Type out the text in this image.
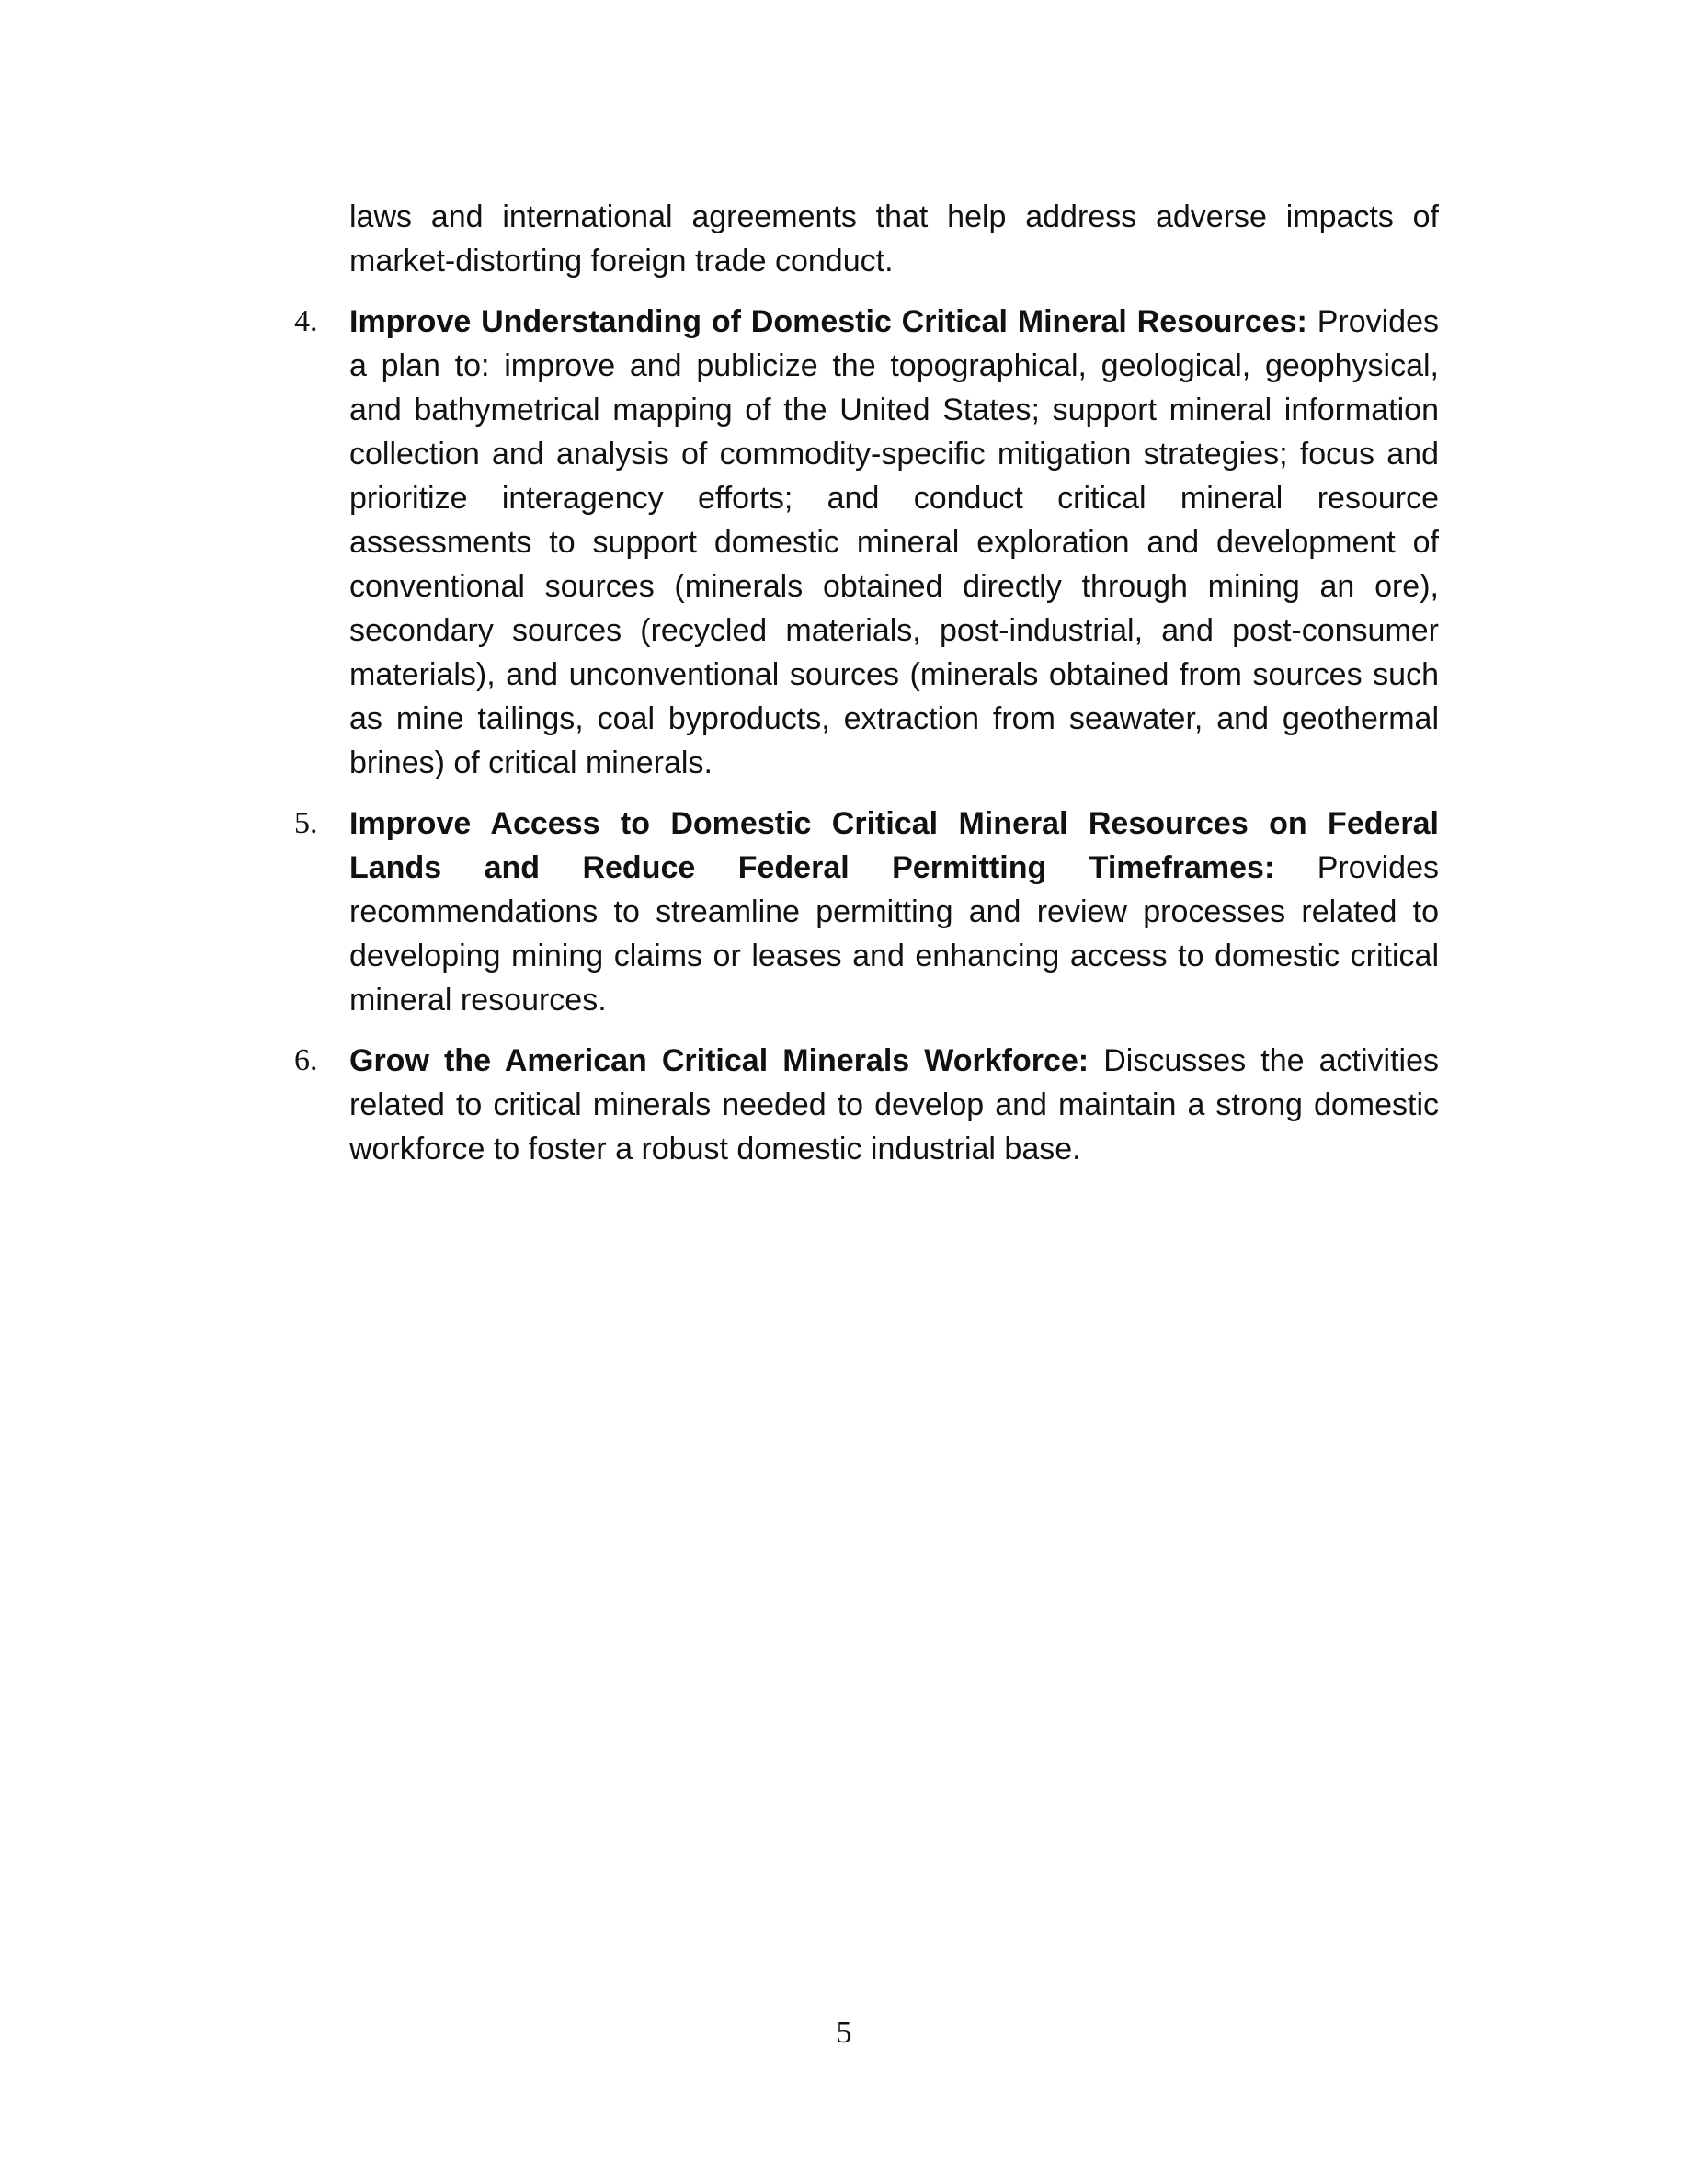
laws and international agreements that help address adverse impacts of market-distorting foreign trade conduct.

4.	Improve Understanding of Domestic Critical Mineral Resources: Provides a plan to: improve and publicize the topographical, geological, geophysical, and bathymetrical mapping of the United States; support mineral information collection and analysis of commodity-specific mitigation strategies; focus and prioritize interagency efforts; and conduct critical mineral resource assessments to support domestic mineral exploration and development of conventional sources (minerals obtained directly through mining an ore), secondary sources (recycled materials, post-industrial, and post-consumer materials), and unconventional sources (minerals obtained from sources such as mine tailings, coal byproducts, extraction from seawater, and geothermal brines) of critical minerals.
5.	Improve Access to Domestic Critical Mineral Resources on Federal Lands and Reduce Federal Permitting Timeframes: Provides recommendations to streamline permitting and review processes related to developing mining claims or leases and enhancing access to domestic critical mineral resources.
6.	Grow the American Critical Minerals Workforce: Discusses the activities related to critical minerals needed to develop and maintain a strong domestic workforce to foster a robust domestic industrial base.
5
